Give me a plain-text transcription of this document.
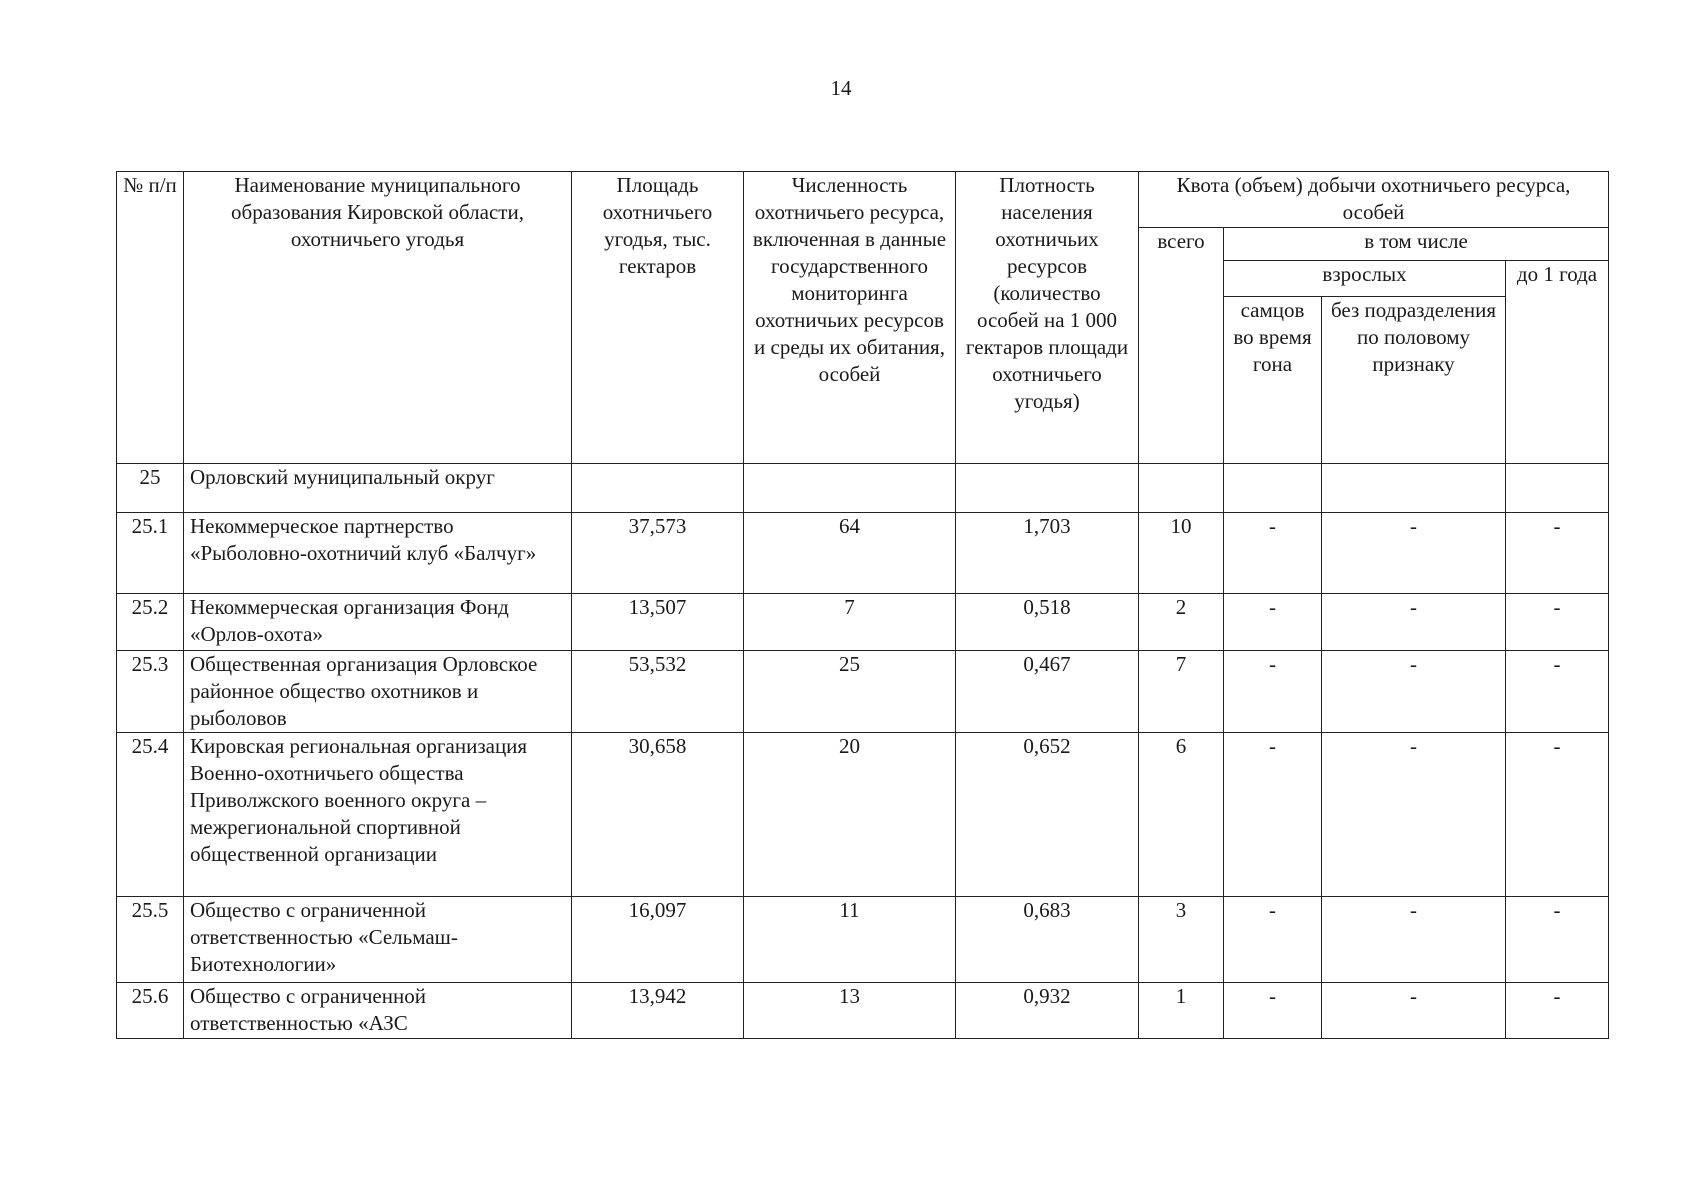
14
№ п/п	Наименование муниципального образования Кировской области, охотничьего угодья	Площадь охотничьего угодья, тыс. гектаров	Численность охотничьего ресурса, включенная в данные государственного мониторинга охотничьих ресурсов и среды их обитания, особей	Плотность населения охотничьих ресурсов (количество особей на 1 000 гектаров площади охотничьего угодья)	Квота (объем) добычи охотничьего ресурса, особей			
					всего	в том числе		
						взрослых		до 1 года
						самцов во время гона	без подразделения по половому признаку	
25	Орловский муниципальный округ							
25.1	Некоммерческое партнерство «Рыболовно-охотничий клуб «Балчуг»	37,573	64	1,703	10	-	-	-
25.2	Некоммерческая организация Фонд «Орлов-охота»	13,507	7	0,518	2	-	-	-
25.3	Общественная организация Орловское районное общество охотников и рыболовов	53,532	25	0,467	7	-	-	-
25.4	Кировская региональная организация Военно-охотничьего общества Приволжского военного округа – межрегиональной спортивной общественной организации	30,658	20	0,652	6	-	-	-
25.5	Общество с ограниченной ответственностью «Сельмаш-Биотехнологии»	16,097	11	0,683	3	-	-	-
25.6	Общество с ограниченной ответственностью «АЗС	13,942	13	0,932	1	-	-	-
